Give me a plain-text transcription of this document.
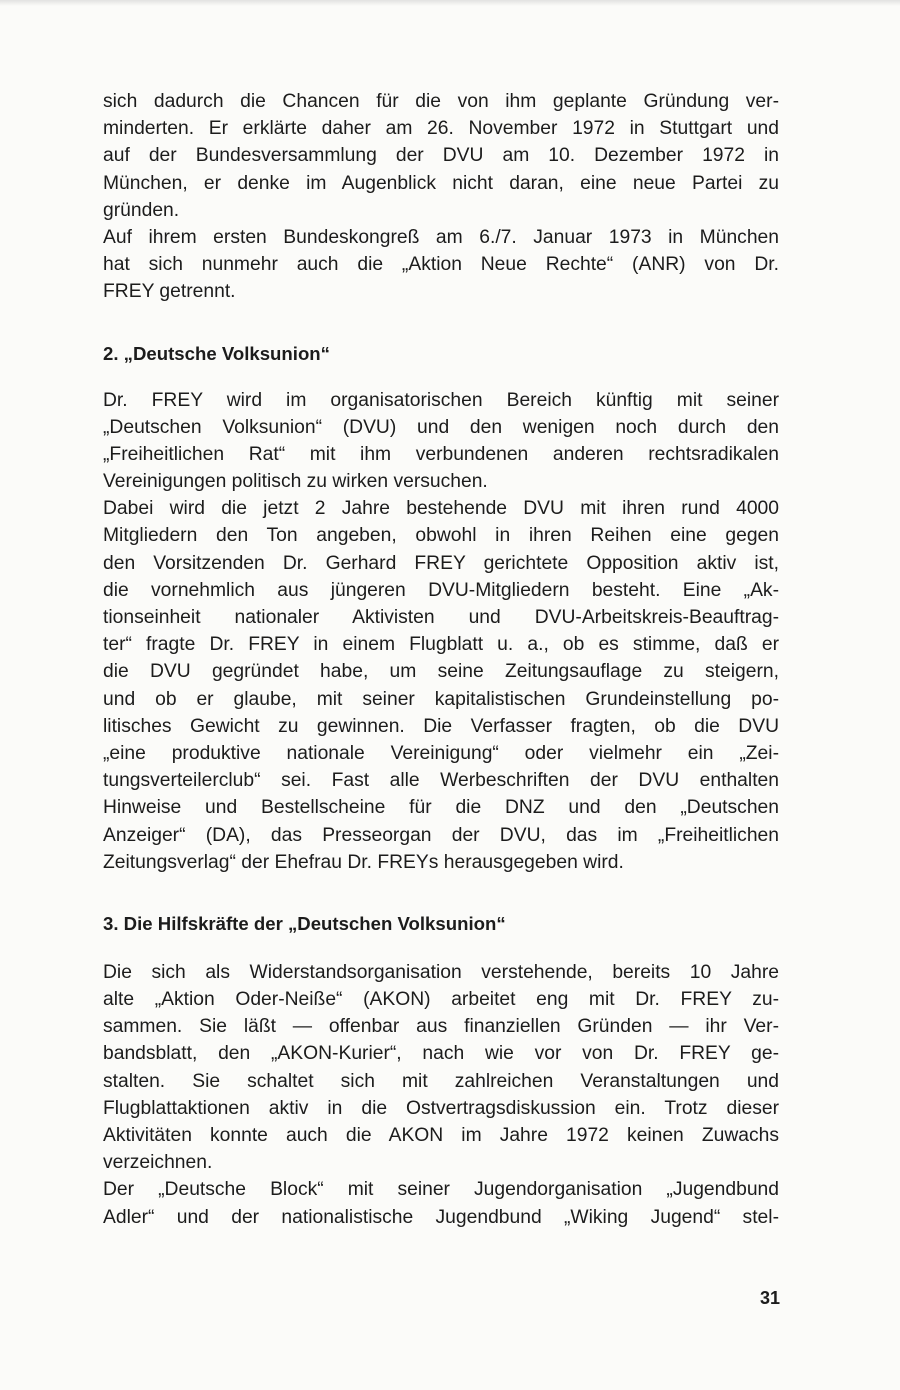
sich dadurch die Chancen für die von ihm geplante Gründung ver-
minderten. Er erklärte daher am 26. November 1972 in Stuttgart und
auf der Bundesversammlung der DVU am 10. Dezember 1972 in
München, er denke im Augenblick nicht daran, eine neue Partei zu
gründen.
Auf ihrem ersten Bundeskongreß am 6./7. Januar 1973 in München
hat sich nunmehr auch die „Aktion Neue Rechte“ (ANR) von Dr.
FREY getrennt.
2. „Deutsche Volksunion“
Dr. FREY wird im organisatorischen Bereich künftig mit seiner
„Deutschen Volksunion“ (DVU) und den wenigen noch durch den
„Freiheitlichen Rat“ mit ihm verbundenen anderen rechtsradikalen
Vereinigungen politisch zu wirken versuchen.
Dabei wird die jetzt 2 Jahre bestehende DVU mit ihren rund 4000
Mitgliedern den Ton angeben, obwohl in ihren Reihen eine gegen
den Vorsitzenden Dr. Gerhard FREY gerichtete Opposition aktiv ist,
die vornehmlich aus jüngeren DVU-Mitgliedern besteht. Eine „Ak-
tionseinheit nationaler Aktivisten und DVU-Arbeitskreis-Beauftrag-
ter“ fragte Dr. FREY in einem Flugblatt u. a., ob es stimme, daß er
die DVU gegründet habe, um seine Zeitungsauflage zu steigern,
und ob er glaube, mit seiner kapitalistischen Grundeinstellung po-
litisches Gewicht zu gewinnen. Die Verfasser fragten, ob die DVU
„eine produktive nationale Vereinigung“ oder vielmehr ein „Zei-
tungsverteilerclub“ sei. Fast alle Werbeschriften der DVU enthalten
Hinweise und Bestellscheine für die DNZ und den „Deutschen
Anzeiger“ (DA), das Presseorgan der DVU, das im „Freiheitlichen
Zeitungsverlag“ der Ehefrau Dr. FREYs herausgegeben wird.
3. Die Hilfskräfte der „Deutschen Volksunion“
Die sich als Widerstandsorganisation verstehende, bereits 10 Jahre
alte „Aktion Oder-Neiße“ (AKON) arbeitet eng mit Dr. FREY zu-
sammen. Sie läßt — offenbar aus finanziellen Gründen — ihr Ver-
bandsblatt, den „AKON-Kurier“, nach wie vor von Dr. FREY ge-
stalten. Sie schaltet sich mit zahlreichen Veranstaltungen und
Flugblattaktionen aktiv in die Ostvertragsdiskussion ein. Trotz dieser
Aktivitäten konnte auch die AKON im Jahre 1972 keinen Zuwachs
verzeichnen.
Der „Deutsche Block“ mit seiner Jugendorganisation „Jugendbund
Adler“ und der nationalistische Jugendbund „Wiking Jugend“ stel-
31
